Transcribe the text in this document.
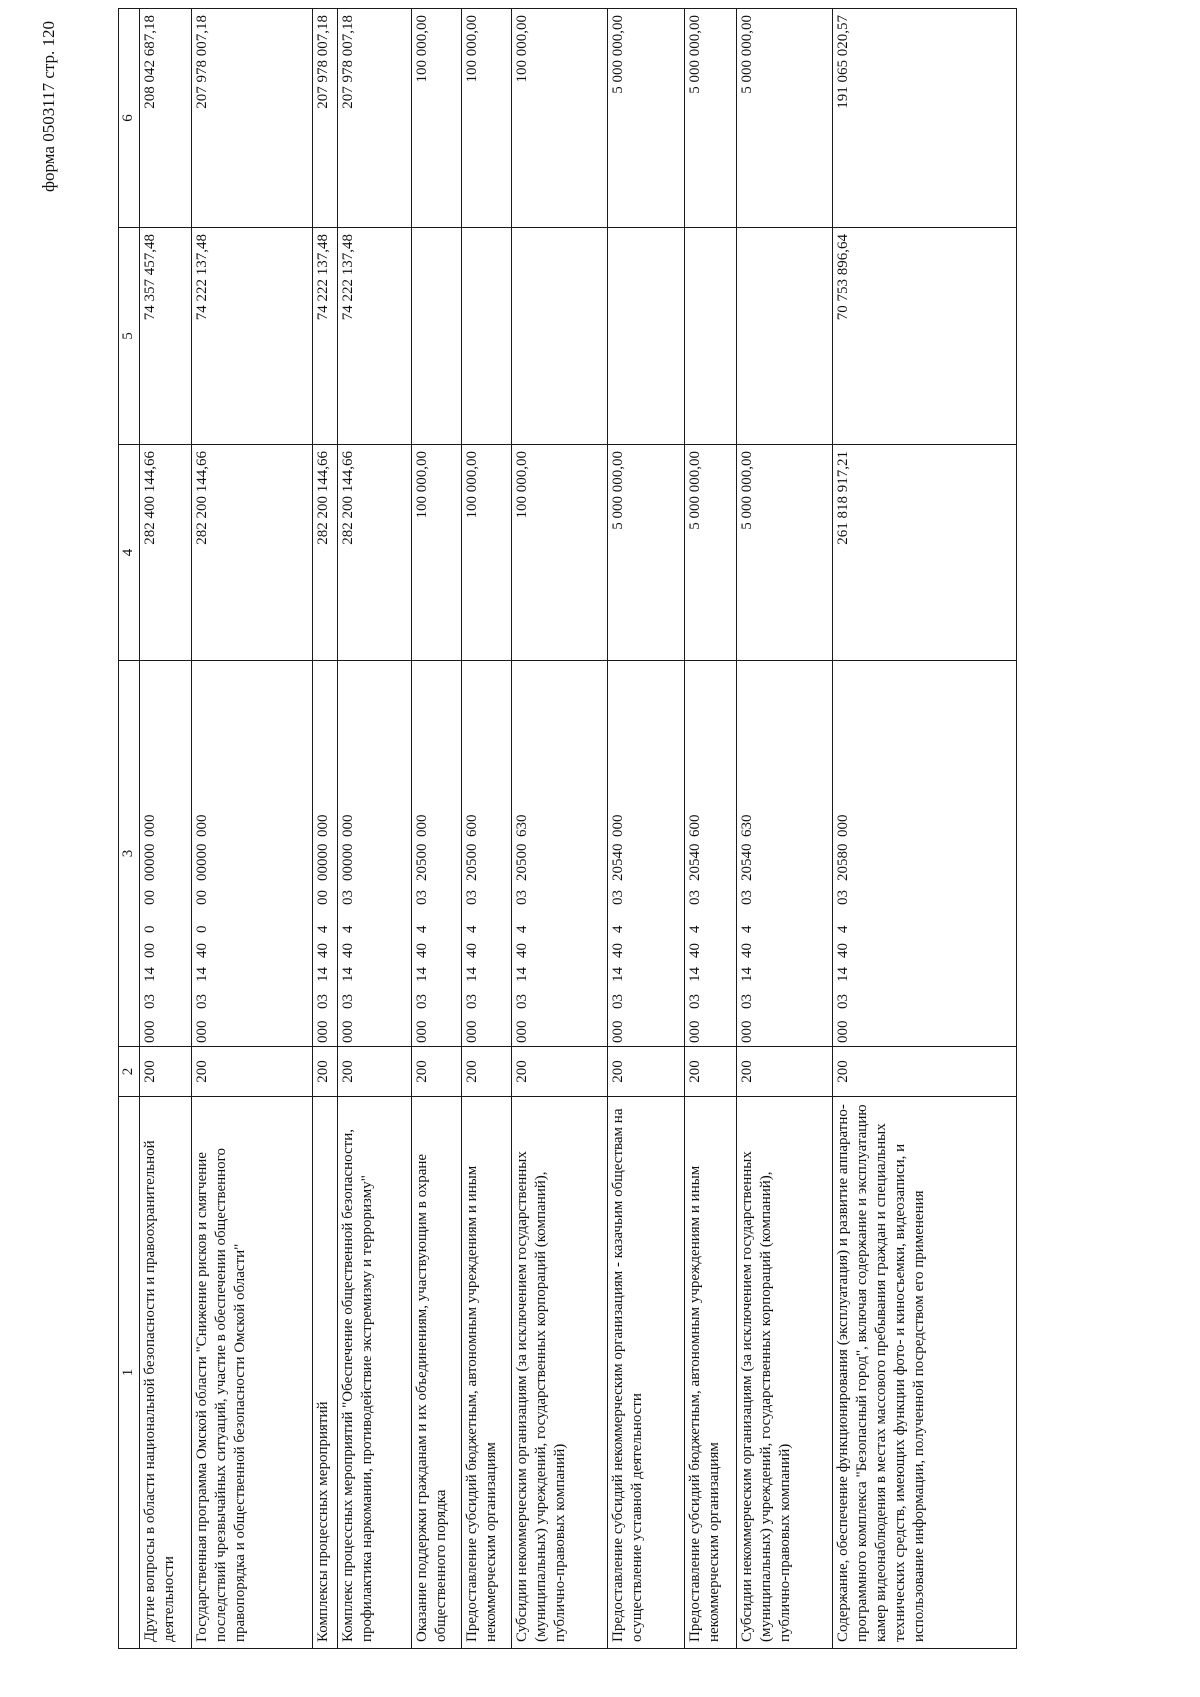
форма 0503117 стр. 120
1	2	3	4	5	6
Другие вопросы в области национальной безопасности и правоохранительной деятельности	200	00003140000000000000	282 400 144,66	74 357 457,48	208 042 687,18
Государственная программа Омской области "Снижение рисков и смягчение последствий чрезвычайных ситуаций, участие в обеспечении общественного правопорядка и общественной безопасности Омской области"	200	00003144000000000000	282 200 144,66	74 222 137,48	207 978 007,18
Комплексы процессных мероприятий	200	00003144040000000000	282 200 144,66	74 222 137,48	207 978 007,18
Комплекс процессных мероприятий "Обеспечение общественной безопасности, профилактика наркомании, противодействие экстремизму и терроризму"	200	00003144040300000000	282 200 144,66	74 222 137,48	207 978 007,18
Оказание поддержки гражданам и их объединениям, участвующим в охране общественного порядка	200	00003144040320500000	100 000,00		100 000,00
Предоставление субсидий бюджетным, автономным учреждениям и иным некоммерческим организациям	200	00003144040320500600	100 000,00		100 000,00
Субсидии некоммерческим организациям (за исключением государственных (муниципальных) учреждений, государственных корпораций (компаний), публично-правовых компаний)	200	00003144040320500630	100 000,00		100 000,00
Предоставление субсидий некоммерческим организациям - казачьим обществам на осуществление уставной деятельности	200	00003144040320540000	5 000 000,00		5 000 000,00
Предоставление субсидий бюджетным, автономным учреждениям и иным некоммерческим организациям	200	00003144040320540600	5 000 000,00		5 000 000,00
Субсидии некоммерческим организациям (за исключением государственных (муниципальных) учреждений, государственных корпораций (компаний), публично-правовых компаний)	200	00003144040320540630	5 000 000,00		5 000 000,00
Содержание, обеспечение функционирования (эксплуатация) и развитие аппаратно-программного комплекса "Безопасный город", включая содержание и эксплуатацию камер видеонаблюдения в местах массового пребывания граждан и специальных технических средств, имеющих функции фото- и киносъемки, видеозаписи, и использование информации, полученной посредством его применения	200	00003144040320580000	261 818 917,21	70 753 896,64	191 065 020,57
